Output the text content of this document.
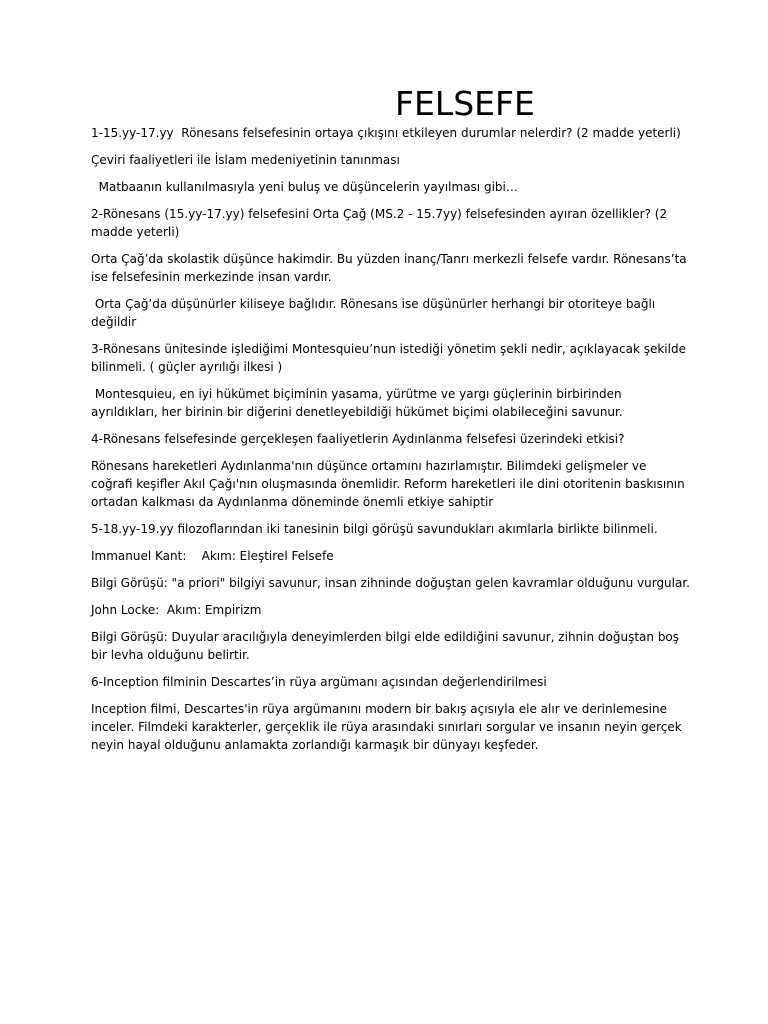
FELSEFE

1-15.yy-17.yy  Rönesans felsefesinin ortaya çıkışını etkileyen durumlar nelerdir? (2 madde yeterli)

Çeviri faaliyetleri ile İslam medeniyetinin tanınması

Matbaanın kullanılmasıyla yeni buluş ve düşüncelerin yayılması gibi…

2-Rönesans (15.yy-17.yy) felsefesini Orta Çağ (MS.2 - 15.7yy) felsefesinden ayıran özellikler? (2 madde yeterli)

Orta Çağ’da skolastik düşünce hakimdir. Bu yüzden inanç/Tanrı merkezli felsefe vardır. Rönesans’ta ise felsefesinin merkezinde insan vardır.

Orta Çağ’da düşünürler kiliseye bağlıdır. Rönesans ise düşünürler herhangi bir otoriteye bağlı değildir

3-Rönesans ünitesinde işlediğimi Montesquieu’nun istediği yönetim şekli nedir, açıklayacak şekilde bilinmeli. ( güçler ayrılığı ilkesi )

Montesquieu, en iyi hükümet biçiminin yasama, yürütme ve yargı güçlerinin birbirinden ayrıldıkları, her birinin bir diğerini denetleyebildiği hükümet biçimi olabileceğini savunur.

4-Rönesans felsefesinde gerçekleşen faaliyetlerin Aydınlanma felsefesi üzerindeki etkisi?

Rönesans hareketleri Aydınlanma'nın düşünce ortamını hazırlamıştır. Bilimdeki gelişmeler ve coğrafi keşifler Akıl Çağı'nın oluşmasında önemlidir. Reform hareketleri ile dini otoritenin baskısının ortadan kalkması da Aydınlanma döneminde önemli etkiye sahiptir

5-18.yy-19.yy filozoflarından iki tanesinin bilgi görüşü savundukları akımlarla birlikte bilinmeli.

Immanuel Kant:    Akım: Eleştirel Felsefe

Bilgi Görüşü: "a priori" bilgiyi savunur, insan zihninde doğuştan gelen kavramlar olduğunu vurgular.

John Locke:  Akım: Empirizm

Bilgi Görüşü: Duyular aracılığıyla deneyimlerden bilgi elde edildiğini savunur, zihnin doğuştan boş bir levha olduğunu belirtir.

6-Inception filminin Descartes’in rüya argümanı açısından değerlendirilmesi

Inception filmi, Descartes'in rüya argümanını modern bir bakış açısıyla ele alır ve derinlemesine inceler. Filmdeki karakterler, gerçeklik ile rüya arasındaki sınırları sorgular ve insanın neyin gerçek neyin hayal olduğunu anlamakta zorlandığı karmaşık bir dünyayı keşfeder.
